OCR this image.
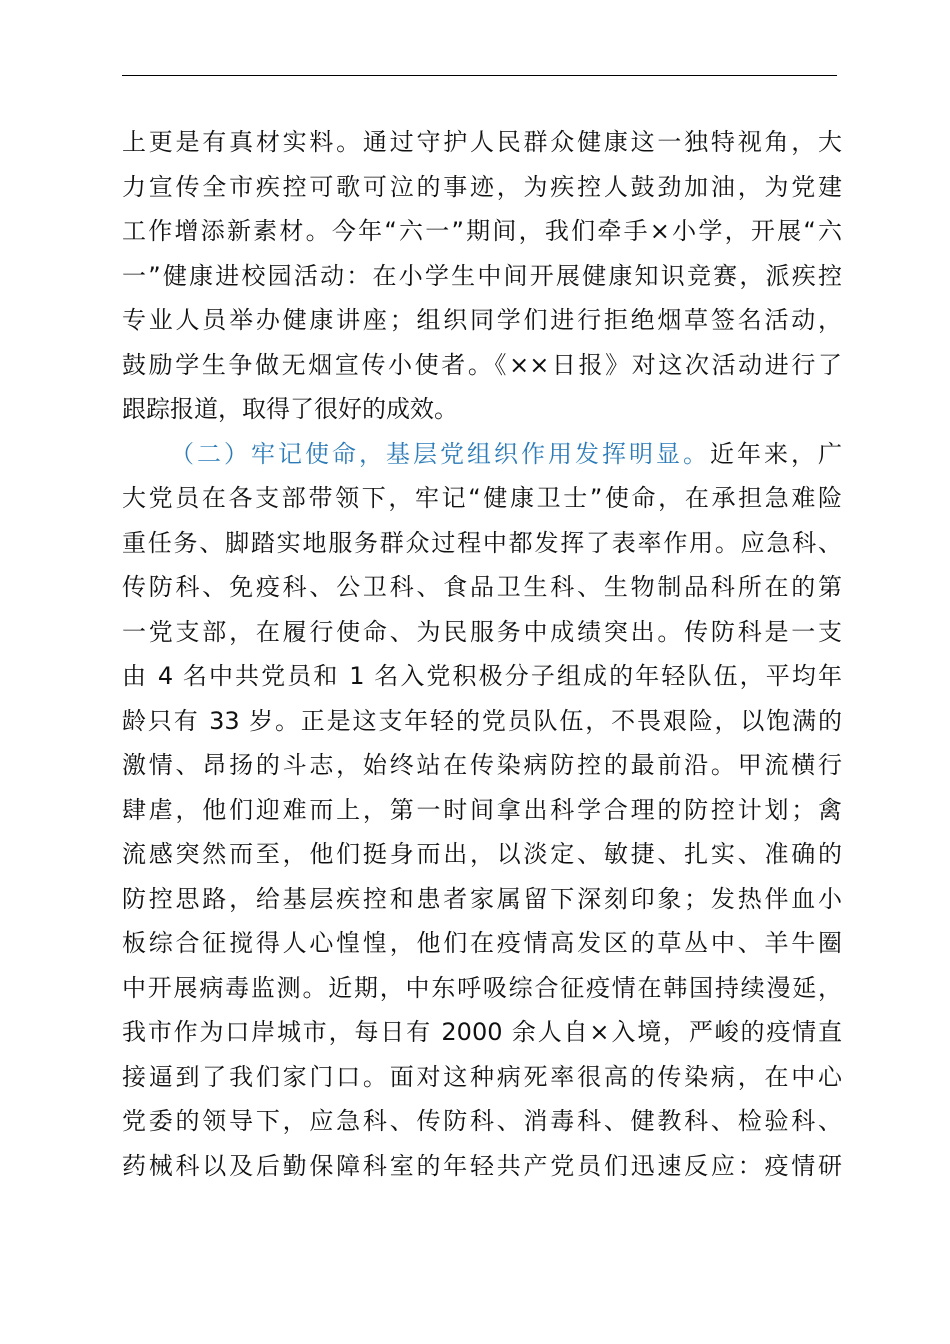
上更是有真材实料。通过守护人民群众健康这一独特视角，大
力宣传全市疾控可歌可泣的事迹，为疾控人鼓劲加油，为党建
工作增添新素材。今年“六一”期间，我们牵手×小学，开展“六
一”健康进校园活动：在小学生中间开展健康知识竞赛，派疾控
专业人员举办健康讲座；组织同学们进行拒绝烟草签名活动，
鼓励学生争做无烟宣传小使者。《××日报》对这次活动进行了
跟踪报道，取得了很好的成效。
（二）牢记使命，基层党组织作用发挥明显。近年来，广
大党员在各支部带领下，牢记“健康卫士”使命，在承担急难险
重任务、脚踏实地服务群众过程中都发挥了表率作用。应急科、
传防科、免疫科、公卫科、食品卫生科、生物制品科所在的第
一党支部，在履行使命、为民服务中成绩突出。传防科是一支
由 4 名中共党员和 1 名入党积极分子组成的年轻队伍，平均年
龄只有 33 岁。正是这支年轻的党员队伍，不畏艰险，以饱满的
激情、昂扬的斗志，始终站在传染病防控的最前沿。甲流横行
肆虐，他们迎难而上，第一时间拿出科学合理的防控计划；禽
流感突然而至，他们挺身而出，以淡定、敏捷、扎实、准确的
防控思路，给基层疾控和患者家属留下深刻印象；发热伴血小
板综合征搅得人心惶惶，他们在疫情高发区的草丛中、羊牛圈
中开展病毒监测。近期，中东呼吸综合征疫情在韩国持续漫延，
我市作为口岸城市，每日有 2000 余人自×入境，严峻的疫情直
接逼到了我们家门口。面对这种病死率很高的传染病，在中心
党委的领导下，应急科、传防科、消毒科、健教科、检验科、
药械科以及后勤保障科室的年轻共产党员们迅速反应：疫情研
